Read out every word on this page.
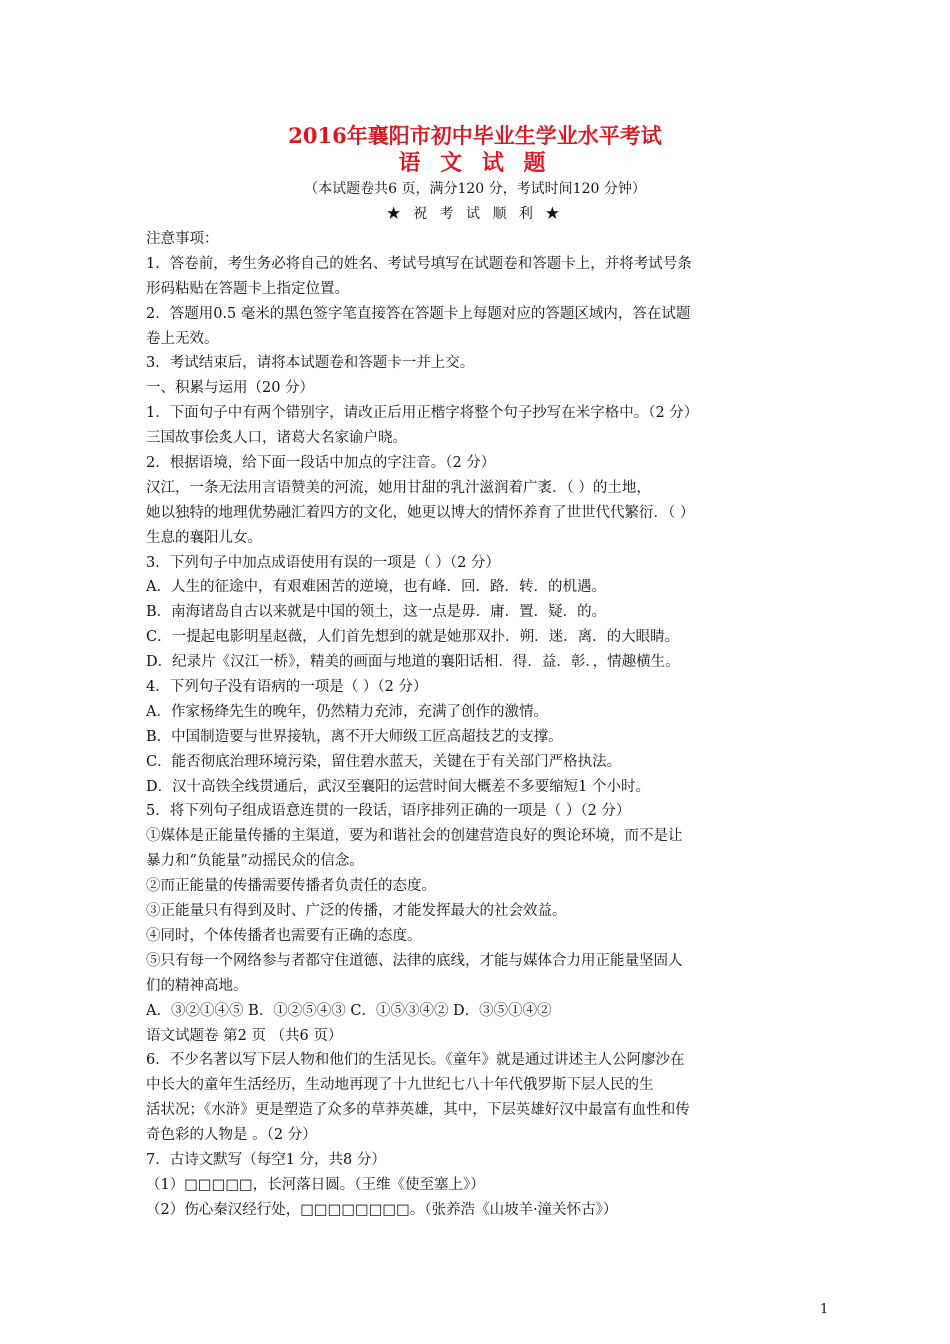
2016年襄阳市初中毕业生学业水平考试
语 文 试 题
（本试题卷共6 页，满分120 分，考试时间120 分钟）
★ 祝 考 试 顺 利 ★
注意事项：
1．答卷前，考生务必将自己的姓名、考试号填写在试题卷和答题卡上，并将考试号条
形码粘贴在答题卡上指定位置。
2．答题用0.5 毫米的黑色签字笔直接答在答题卡上每题对应的答题区域内，答在试题
卷上无效。
3．考试结束后，请将本试题卷和答题卡一并上交。
一、积累与运用（20 分）
1．下面句子中有两个错别字，请改正后用正楷字将整个句子抄写在米字格中。（2 分）
三国故事侩炙人口，诸葛大名家谕户晓。
2．根据语境，给下面一段话中加点的字注音。（2 分）
汉江，一条无法用言语赞美的河流，她用甘甜的乳汁滋润着广袤．（ ）的土地，
她以独特的地理优势融汇着四方的文化，她更以博大的情怀养育了世世代代繁衍．（ ）
生息的襄阳儿女。
3．下列句子中加点成语使用有误的一项是（ ）（2 分）
A．人生的征途中，有艰难困苦的逆境，也有峰．回．路．转．的机遇。
B．南海诸岛自古以来就是中国的领土，这一点是毋．庸．置．疑．的。
C．一提起电影明星赵薇，人们首先想到的就是她那双扑．朔．迷．离．的大眼睛。
D．纪录片《汉江一桥》，精美的画面与地道的襄阳话相．得．益．彰．，情趣横生。
4．下列句子没有语病的一项是（ ）（2 分）
A．作家杨绛先生的晚年，仍然精力充沛，充满了创作的激情。
B．中国制造要与世界接轨，离不开大师级工匠高超技艺的支撑。
C．能否彻底治理环境污染，留住碧水蓝天，关键在于有关部门严格执法。
D．汉十高铁全线贯通后，武汉至襄阳的运营时间大概差不多要缩短1 个小时。
5．将下列句子组成语意连贯的一段话，语序排列正确的一项是（ ）（2 分）
①媒体是正能量传播的主渠道，要为和谐社会的创建营造良好的舆论环境，而不是让
暴力和“负能量”动摇民众的信念。
②而正能量的传播需要传播者负责任的态度。
③正能量只有得到及时、广泛的传播，才能发挥最大的社会效益。
④同时，个体传播者也需要有正确的态度。
⑤只有每一个网络参与者都守住道德、法律的底线，才能与媒体合力用正能量坚固人
们的精神高地。
A．③②①④⑤ B．①②⑤④③ C．①⑤③④② D．③⑤①④②
语文试题卷 第2 页 （共6 页）
6．不少名著以写下层人物和他们的生活见长。《童年》就是通过讲述主人公阿廖沙在
中长大的童年生活经历，生动地再现了十九世纪七八十年代俄罗斯下层人民的生
活状况；《水浒》更是塑造了众多的草莽英雄，其中，下层英雄好汉中最富有血性和传
奇色彩的人物是 。（2 分）
7．古诗文默写（每空1 分，共8 分）
（1）□□□□□，长河落日圆。（王维《使至塞上》）
（2）伤心秦汉经行处，□□□□□□□□。（张养浩《山坡羊·潼关怀古》）
1
